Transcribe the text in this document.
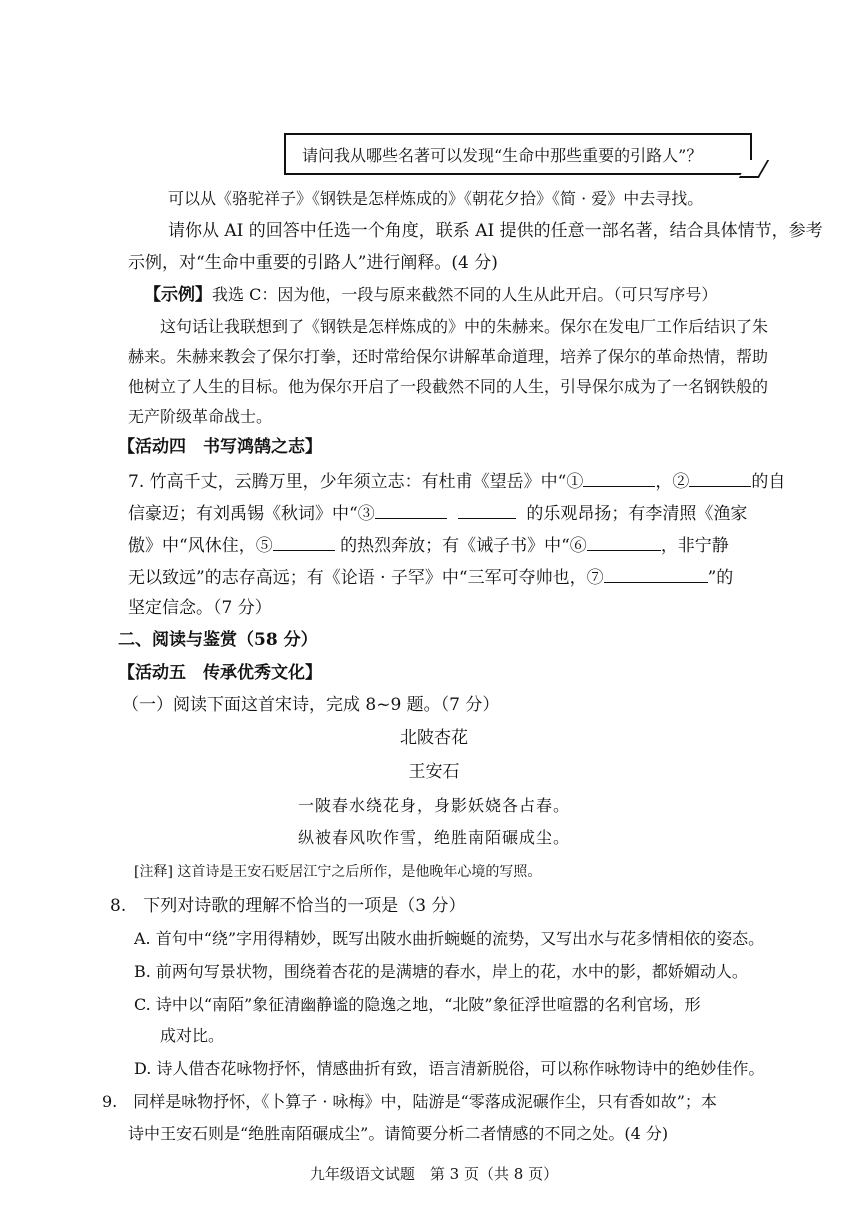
请问我从哪些名著可以发现“生命中那些重要的引路人”？
可以从《骆驼祥子》《钢铁是怎样炼成的》《朝花夕拾》《简 · 爱》中去寻找。
请你从 AI 的回答中任选一个角度，联系 AI 提供的任意一部名著，结合具体情节，参考
示例，对“生命中重要的引路人”进行阐释。(4 分)
【示例】我选 C：因为他，一段与原来截然不同的人生从此开启。（可只写序号）
这句话让我联想到了《钢铁是怎样炼成的》中的朱赫来。保尔在发电厂工作后结识了朱
赫来。朱赫来教会了保尔打拳，还时常给保尔讲解革命道理，培养了保尔的革命热情，帮助
他树立了人生的目标。他为保尔开启了一段截然不同的人生，引导保尔成为了一名钢铁般的
无产阶级革命战士。
【活动四　书写鸿鹄之志】
7. 竹高千丈，云腾万里，少年须立志：有杜甫《望岳》中“①	，②	的自
信豪迈；有刘禹锡《秋词》中“③	的乐观昂扬；有李清照《渔家
傲》中“风休住，⑤	的热烈奔放；有《诫子书》中“⑥	，非宁静
无以致远”的志存高远；有《论语 · 子罕》中“三军可夺帅也，⑦	”的
坚定信念。（7 分）
二、阅读与鉴赏（58 分）
【活动五　传承优秀文化】
（一）阅读下面这首宋诗，完成 8~9 题。（7 分）
北陂杏花
王安石
一陂春水绕花身，身影妖娆各占春。
纵被春风吹作雪，绝胜南陌碾成尘。
[注释] 这首诗是王安石贬居江宁之后所作，是他晚年心境的写照。
8.　下列对诗歌的理解不恰当的一项是（3 分）
A. 首句中“绕”字用得精妙，既写出陂水曲折蜿蜒的流势，又写出水与花多情相依的姿态。
B. 前两句写景状物，围绕着杏花的是满塘的春水，岸上的花，水中的影，都娇媚动人。
C. 诗中以“南陌”象征清幽静谧的隐逸之地，“北陂”象征浮世喧嚣的名利官场，形
成对比。
D. 诗人借杏花咏物抒怀，情感曲折有致，语言清新脱俗，可以称作咏物诗中的绝妙佳作。
9.　同样是咏物抒怀，《卜算子 · 咏梅》中，陆游是“零落成泥碾作尘，只有香如故”；本
诗中王安石则是“绝胜南陌碾成尘”。请简要分析二者情感的不同之处。(4 分)
九年级语文试题　第 3 页（共 8 页）
